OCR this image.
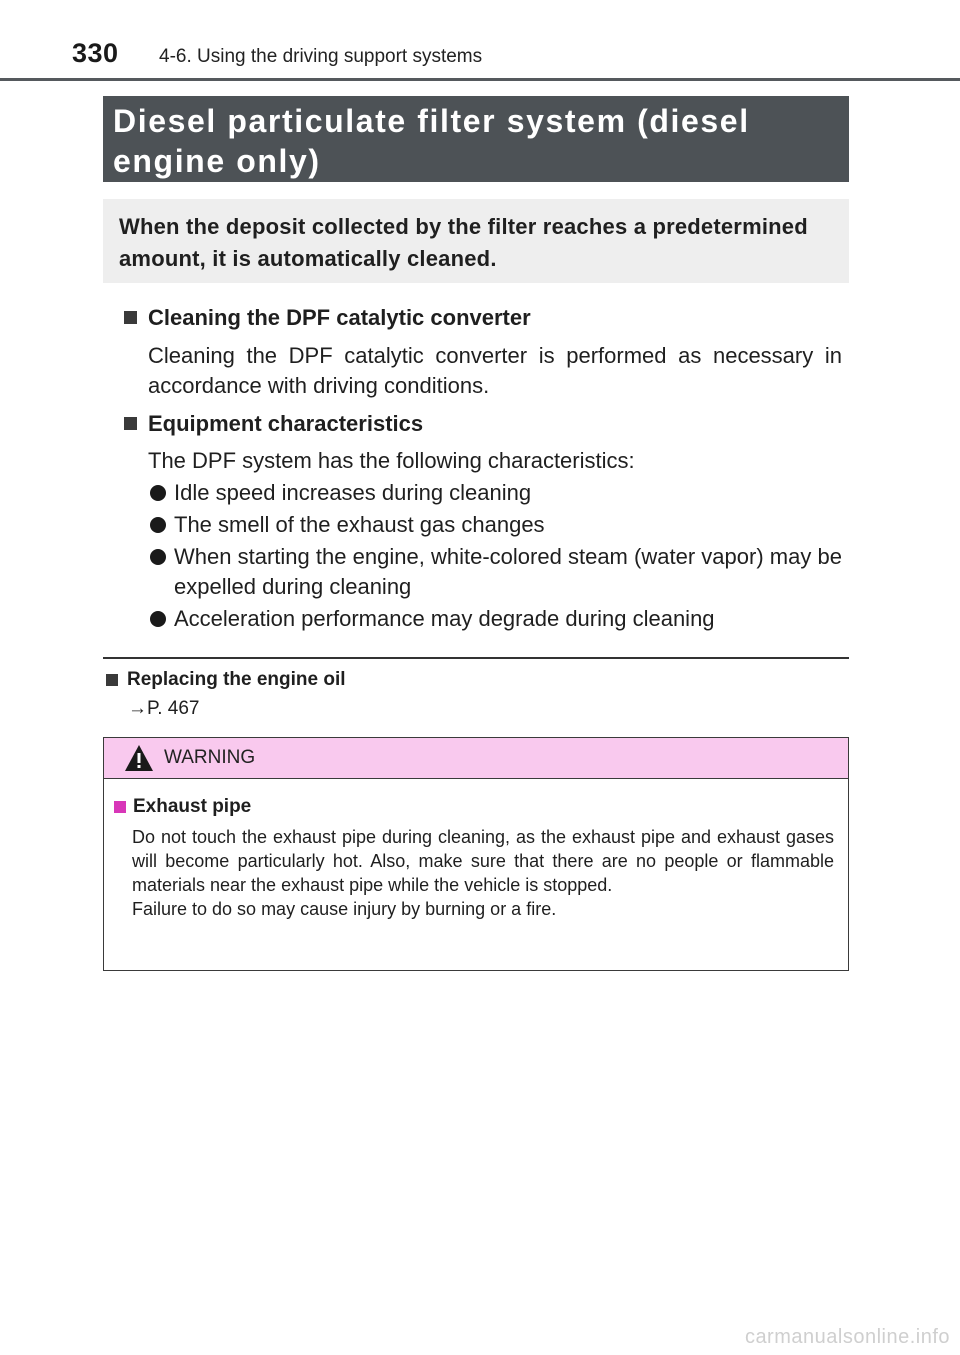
330 4-6. Using the driving support systems
Diesel particulate filter system (diesel
engine only)
When the deposit collected by the filter reaches a predetermined
amount, it is automatically cleaned.
Cleaning the DPF catalytic converter
Cleaning the DPF catalytic converter is performed as necessary in accordance with driving conditions.
Equipment characteristics
The DPF system has the following characteristics:
Idle speed increases during cleaning
The smell of the exhaust gas changes
When starting the engine, white-colored steam (water vapor) may be expelled during cleaning
Acceleration performance may degrade during cleaning
Replacing the engine oil
→P. 467
WARNING
Exhaust pipe
Do not touch the exhaust pipe during cleaning, as the exhaust pipe and exhaust gases will become particularly hot. Also, make sure that there are no people or flammable materials near the exhaust pipe while the vehicle is stopped.
Failure to do so may cause injury by burning or a fire.
carmanualsonline.info
